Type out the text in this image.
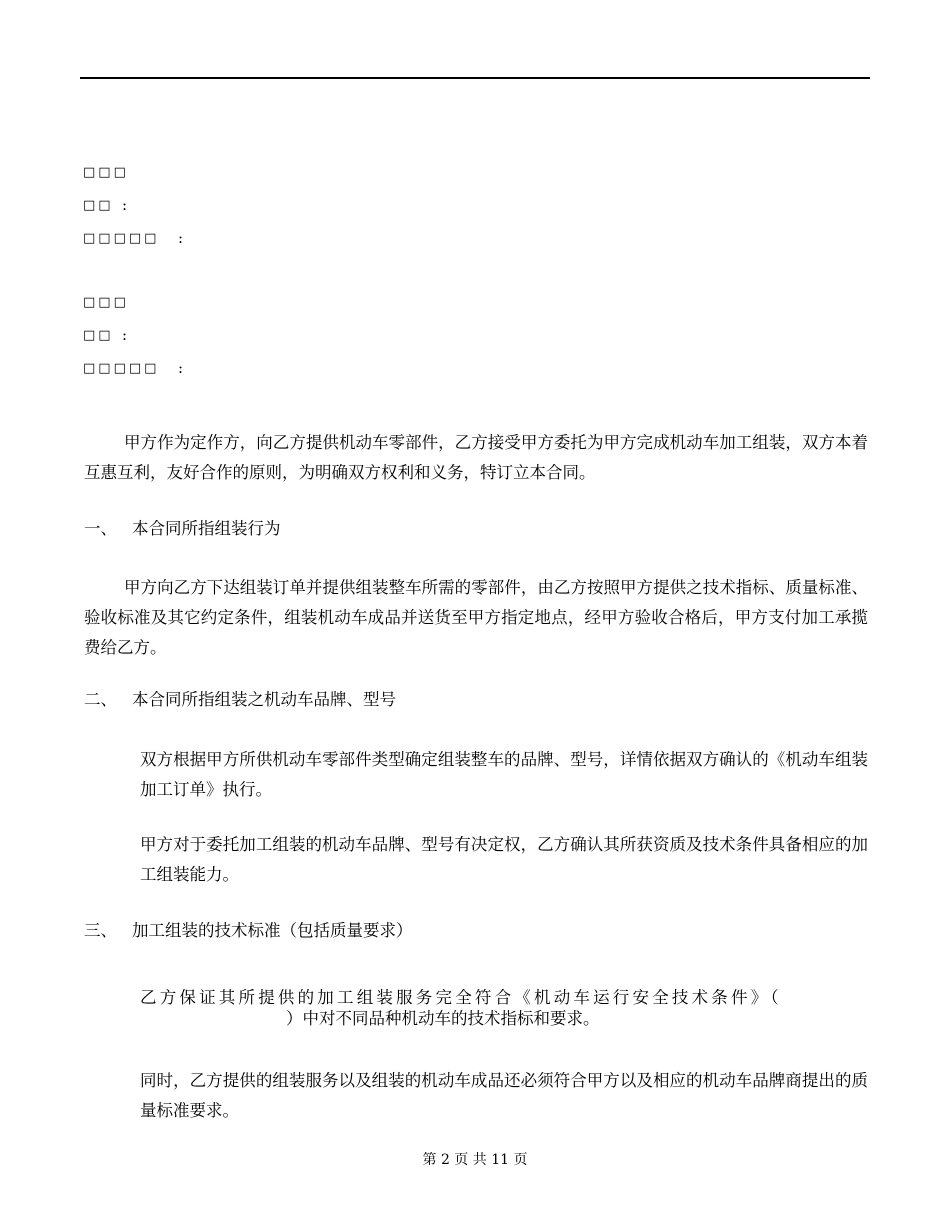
□□□
□□ :
□□□□□ :
□□□
□□ :
□□□□□ :
甲方作为定作方，向乙方提供机动车零部件，乙方接受甲方委托为甲方完成机动车加工组装，双方本着互惠互利，友好合作的原则，为明确双方权利和义务，特订立本合同。
一、 本合同所指组装行为
甲方向乙方下达组装订单并提供组装整车所需的零部件，由乙方按照甲方提供之技术指标、质量标准、验收标准及其它约定条件，组装机动车成品并送货至甲方指定地点，经甲方验收合格后，甲方支付加工承揽费给乙方。
二、 本合同所指组装之机动车品牌、型号
双方根据甲方所供机动车零部件类型确定组装整车的品牌、型号，详情依据双方确认的《机动车组装加工订单》执行。
甲方对于委托加工组装的机动车品牌、型号有决定权，乙方确认其所获资质及技术条件具备相应的加工组装能力。
三、 加工组装的技术标准（包括质量要求）
乙方保证其所提供的加工组装服务完全符合《机动车运行安全技术条件》（
）中对不同品种机动车的技术指标和要求。
同时，乙方提供的组装服务以及组装的机动车成品还必须符合甲方以及相应的机动车品牌商提出的质量标准要求。
第 2 页 共 11 页
